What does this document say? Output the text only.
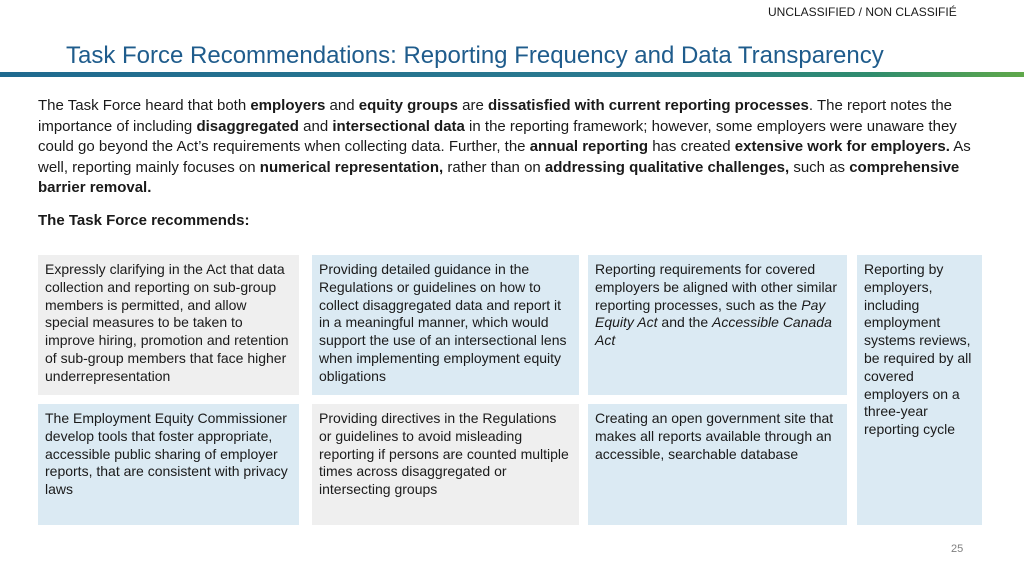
UNCLASSIFIED / NON CLASSIFIÉ
Task Force Recommendations: Reporting Frequency and Data Transparency

The Task Force heard that both employers and equity groups are dissatisfied with current reporting processes. The report notes the importance of including disaggregated and intersectional data in the reporting framework; however, some employers were unaware they could go beyond the Act’s requirements when collecting data. Further, the annual reporting has created extensive work for employers. As well, reporting mainly focuses on numerical representation, rather than on addressing qualitative challenges, such as comprehensive barrier removal.

The Task Force recommends:

Expressly clarifying in the Act that data collection and reporting on sub-group members is permitted, and allow special measures to be taken to improve hiring, promotion and retention of sub-group members that face higher underrepresentation
Providing detailed guidance in the Regulations or guidelines on how to collect disaggregated data and report it in a meaningful manner, which would support the use of an intersectional lens when implementing employment equity obligations
Reporting requirements for covered employers be aligned with other similar reporting processes, such as the Pay Equity Act and the Accessible Canada Act
Reporting by employers, including employment systems reviews, be required by all covered employers on a three-year reporting cycle
The Employment Equity Commissioner develop tools that foster appropriate, accessible public sharing of employer reports, that are consistent with privacy laws
Providing directives in the Regulations or guidelines to avoid misleading reporting if persons are counted multiple times across disaggregated or intersecting groups
Creating an open government site that makes all reports available through an accessible, searchable database
25
